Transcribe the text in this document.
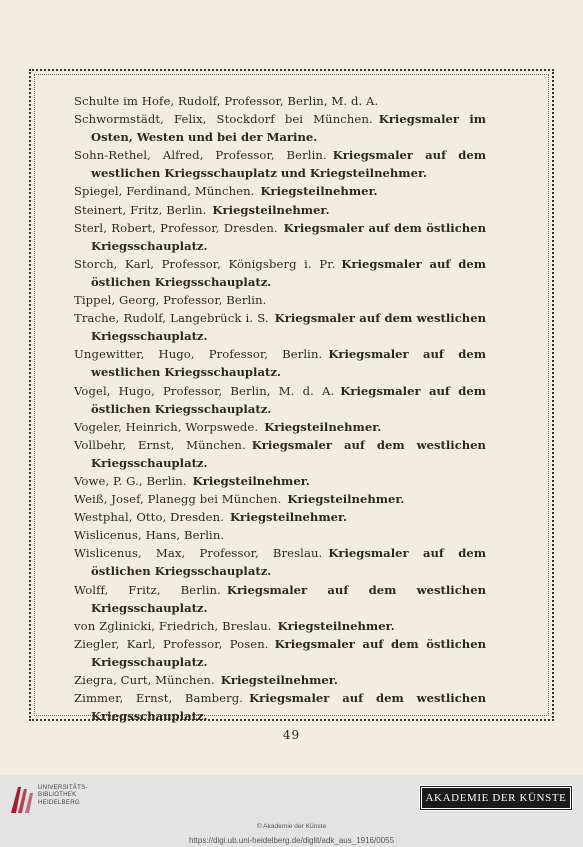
Schulte im Hofe, Rudolf, Professor, Berlin, M. d. A.
Schwormstädt, Felix, Stockdorf bei München. Kriegsmaler im Osten, Westen und bei der Marine.
Sohn-Rethel, Alfred, Professor, Berlin. Kriegsmaler auf dem westlichen Kriegsschauplatz und Kriegsteilnehmer.
Spiegel, Ferdinand, München. Kriegsteilnehmer.
Steinert, Fritz, Berlin. Kriegsteilnehmer.
Sterl, Robert, Professor, Dresden. Kriegsmaler auf dem östlichen Kriegsschauplatz.
Storch, Karl, Professor, Königsberg i. Pr. Kriegsmaler auf dem östlichen Kriegsschauplatz.
Tippel, Georg, Professor, Berlin.
Trache, Rudolf, Langebrück i. S. Kriegsmaler auf dem westlichen Kriegsschauplatz.
Ungewitter, Hugo, Professor, Berlin. Kriegsmaler auf dem westlichen Kriegsschauplatz.
Vogel, Hugo, Professor, Berlin, M. d. A. Kriegsmaler auf dem östlichen Kriegsschauplatz.
Vogeler, Heinrich, Worpswede. Kriegsteilnehmer.
Vollbehr, Ernst, München. Kriegsmaler auf dem westlichen Kriegsschauplatz.
Vowe, P. G., Berlin. Kriegsteilnehmer.
Weiß, Josef, Planegg bei München. Kriegsteilnehmer.
Westphal, Otto, Dresden. Kriegsteilnehmer.
Wislicenus, Hans, Berlin.
Wislicenus, Max, Professor, Breslau. Kriegsmaler auf dem östlichen Kriegsschauplatz.
Wolff, Fritz, Berlin. Kriegsmaler auf dem westlichen Kriegsschauplatz.
von Zglinicki, Friedrich, Breslau. Kriegsteilnehmer.
Ziegler, Karl, Professor, Posen. Kriegsmaler auf dem östlichen Kriegsschauplatz.
Ziegra, Curt, München. Kriegsteilnehmer.
Zimmer, Ernst, Bamberg. Kriegsmaler auf dem westlichen Kriegsschauplatz.
49
UNIVERSITÄTS-
BIBLIOTHEK
HEIDELBERG	AKADEMIE DER KÜNSTE
© Akademie der Künste
https://digi.ub.uni-heidelberg.de/diglit/adk_aus_1916/0055
